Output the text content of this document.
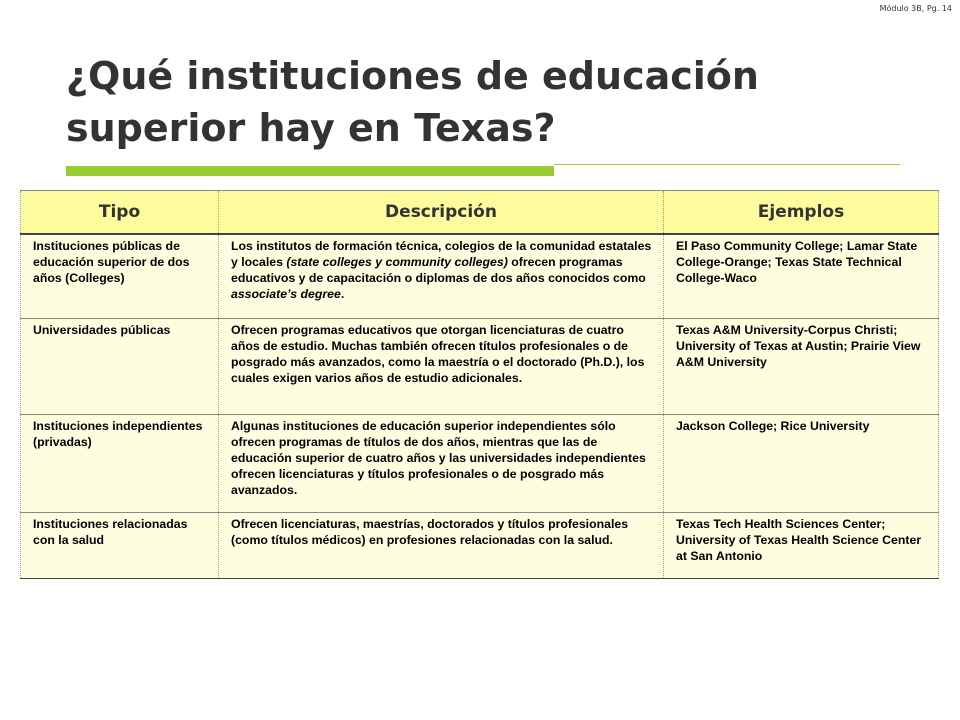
Módulo 3B, Pg. 14
¿Qué instituciones de educación superior hay en Texas?
Tipo	Descripción	Ejemplos
Instituciones públicas de educación superior de dos años (Colleges)	Los institutos de formación técnica, colegios de la comunidad estatales y locales (state colleges y community colleges) ofrecen programas educativos y de capacitación o diplomas de dos años conocidos como associate’s degree.	El Paso Community College; Lamar State College-Orange; Texas State Technical College-Waco
Universidades públicas	Ofrecen programas educativos que otorgan licenciaturas de cuatro años de estudio. Muchas también ofrecen títulos profesionales o de posgrado más avanzados, como la maestría o el doctorado (Ph.D.), los cuales exigen varios años de estudio adicionales.	Texas A&M University-Corpus Christi; University of Texas at Austin; Prairie View A&M University
Instituciones independientes (privadas)	Algunas instituciones de educación superior independientes sólo ofrecen programas de títulos de dos años, mientras que las de educación superior de cuatro años y las universidades independientes ofrecen licenciaturas y títulos profesionales o de posgrado más avanzados.	Jackson College; Rice University
Instituciones relacionadas con la salud	Ofrecen licenciaturas, maestrías, doctorados y títulos profesionales (como títulos médicos) en profesiones relacionadas con la salud.	Texas Tech Health Sciences Center; University of Texas Health Science Center at San Antonio
